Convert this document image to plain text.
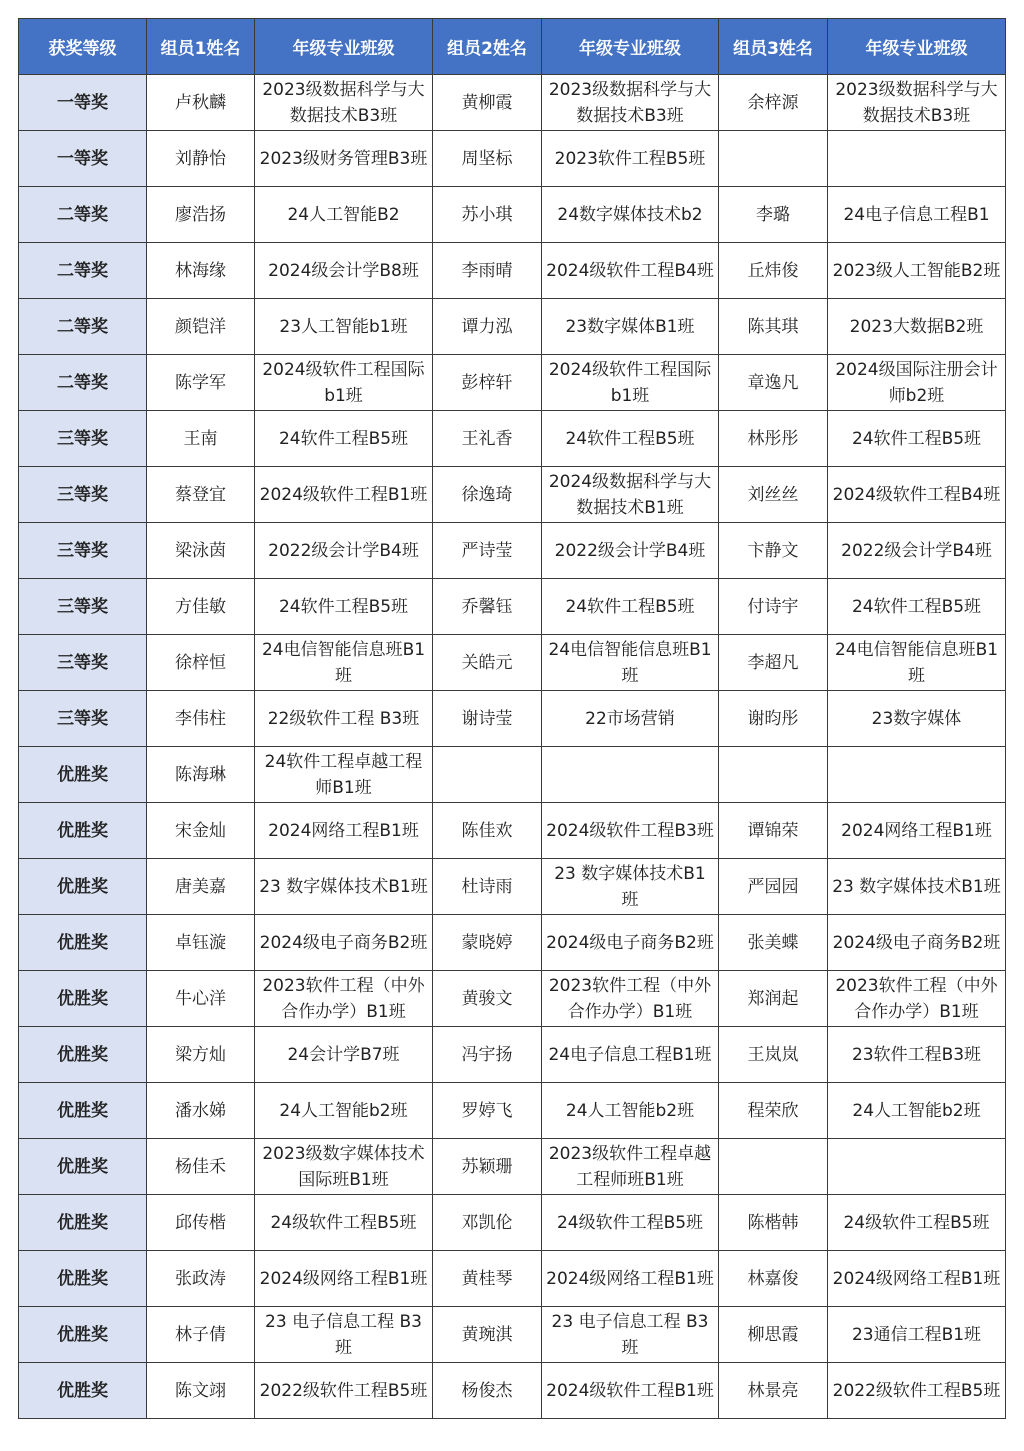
获奖等级	组员1姓名	年级专业班级	组员2姓名	年级专业班级	组员3姓名	年级专业班级
一等奖	卢秋麟	2023级数据科学与大数据技术B3班	黄柳霞	2023级数据科学与大数据技术B3班	余梓源	2023级数据科学与大数据技术B3班
一等奖	刘静怡	2023级财务管理B3班	周坚标	2023软件工程B5班		
二等奖	廖浩扬	24人工智能B2	苏小琪	24数字媒体技术b2	李璐	24电子信息工程B1
二等奖	林海缘	2024级会计学B8班	李雨晴	2024级软件工程B4班	丘炜俊	2023级人工智能B2班
二等奖	颜铠洋	23人工智能b1班	谭力泓	23数字媒体B1班	陈其琪	2023大数据B2班
二等奖	陈学军	2024级软件工程国际b1班	彭梓轩	2024级软件工程国际b1班	章逸凡	2024级国际注册会计师b2班
三等奖	王南	24软件工程B5班	王礼香	24软件工程B5班	林彤彤	24软件工程B5班
三等奖	蔡登宜	2024级软件工程B1班	徐逸琦	2024级数据科学与大数据技术B1班	刘丝丝	2024级软件工程B4班
三等奖	梁泳茵	2022级会计学B4班	严诗莹	2022级会计学B4班	卞静文	2022级会计学B4班
三等奖	方佳敏	24软件工程B5班	乔馨钰	24软件工程B5班	付诗宇	24软件工程B5班
三等奖	徐梓恒	24电信智能信息班B1班	关皓元	24电信智能信息班B1班	李超凡	24电信智能信息班B1班
三等奖	李伟柱	22级软件工程 B3班	谢诗莹	22市场营销	谢昀彤	23数字媒体
优胜奖	陈海琳	24软件工程卓越工程师B1班				
优胜奖	宋金灿	2024网络工程B1班	陈佳欢	2024级软件工程B3班	谭锦荣	2024网络工程B1班
优胜奖	唐美嘉	23 数字媒体技术B1班	杜诗雨	23 数字媒体技术B1班	严园园	23 数字媒体技术B1班
优胜奖	卓钰漩	2024级电子商务B2班	蒙晓婷	2024级电子商务B2班	张美蝶	2024级电子商务B2班
优胜奖	牛心洋	2023软件工程（中外合作办学）B1班	黄骏文	2023软件工程（中外合作办学）B1班	郑润起	2023软件工程（中外合作办学）B1班
优胜奖	梁方灿	24会计学B7班	冯宇扬	24电子信息工程B1班	王岚岚	23软件工程B3班
优胜奖	潘水娣	24人工智能b2班	罗婷飞	24人工智能b2班	程荣欣	24人工智能b2班
优胜奖	杨佳禾	2023级数字媒体技术国际班B1班	苏颖珊	2023级软件工程卓越工程师班B1班		
优胜奖	邱传楷	24级软件工程B5班	邓凯伦	24级软件工程B5班	陈楷韩	24级软件工程B5班
优胜奖	张政涛	2024级网络工程B1班	黄桂琴	2024级网络工程B1班	林嘉俊	2024级网络工程B1班
优胜奖	林子倩	23 电子信息工程 B3班	黄琬淇	23 电子信息工程 B3班	柳思霞	23通信工程B1班
优胜奖	陈文翊	2022级软件工程B5班	杨俊杰	2024级软件工程B1班	林景亮	2022级软件工程B5班
